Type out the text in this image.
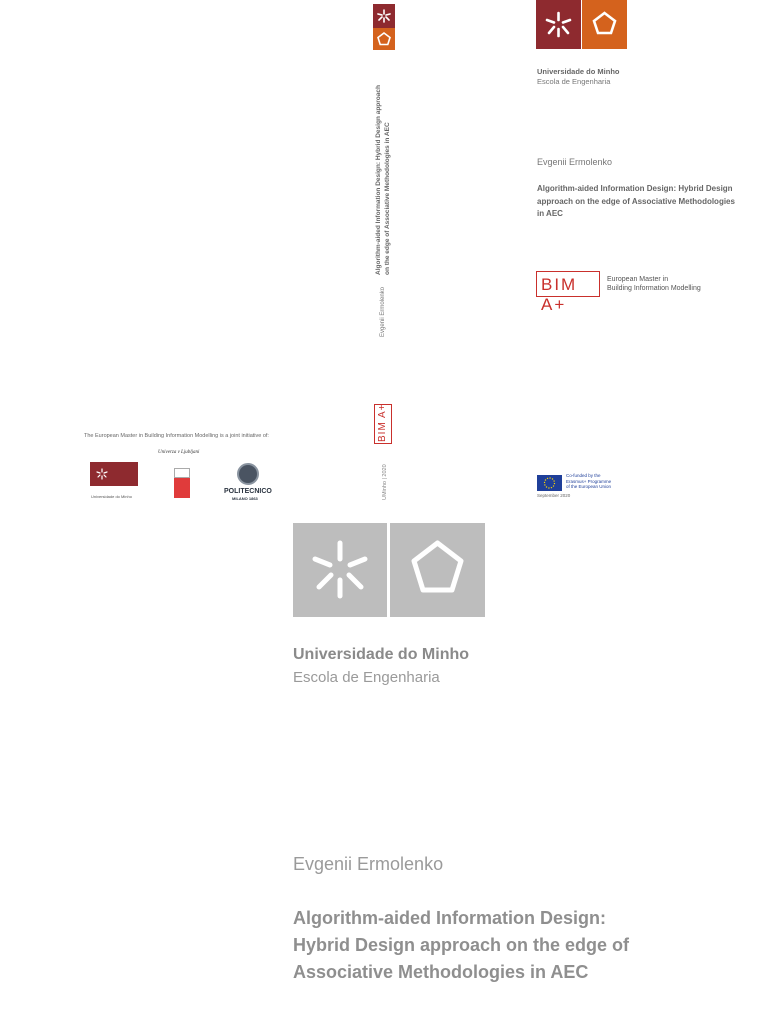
Algorithm-aided Information Design: Hybrid Design approach on the edge of Associative Methodologies in AEC
Evgenii Ermolenko
BIM A+
UMinho | 2020
The European Master in Building Information Modelling is a joint initiative of:
Univerza v Ljubljani
Universidade do Minho
POLITECNICO
MILANO 1863
Universidade do Minho
Escola de Engenharia
Evgenii Ermolenko
Algorithm-aided Information Design: Hybrid Design approach on the edge of Associative Methodologies in AEC
BIM A+
European Master in
Building Information Modelling
Co-funded by the
Erasmus+ Programme
of the European Union
September 2020
Universidade do Minho
Escola de Engenharia
Evgenii Ermolenko
Algorithm-aided Information Design:
Hybrid Design approach on the edge of
Associative Methodologies in AEC
